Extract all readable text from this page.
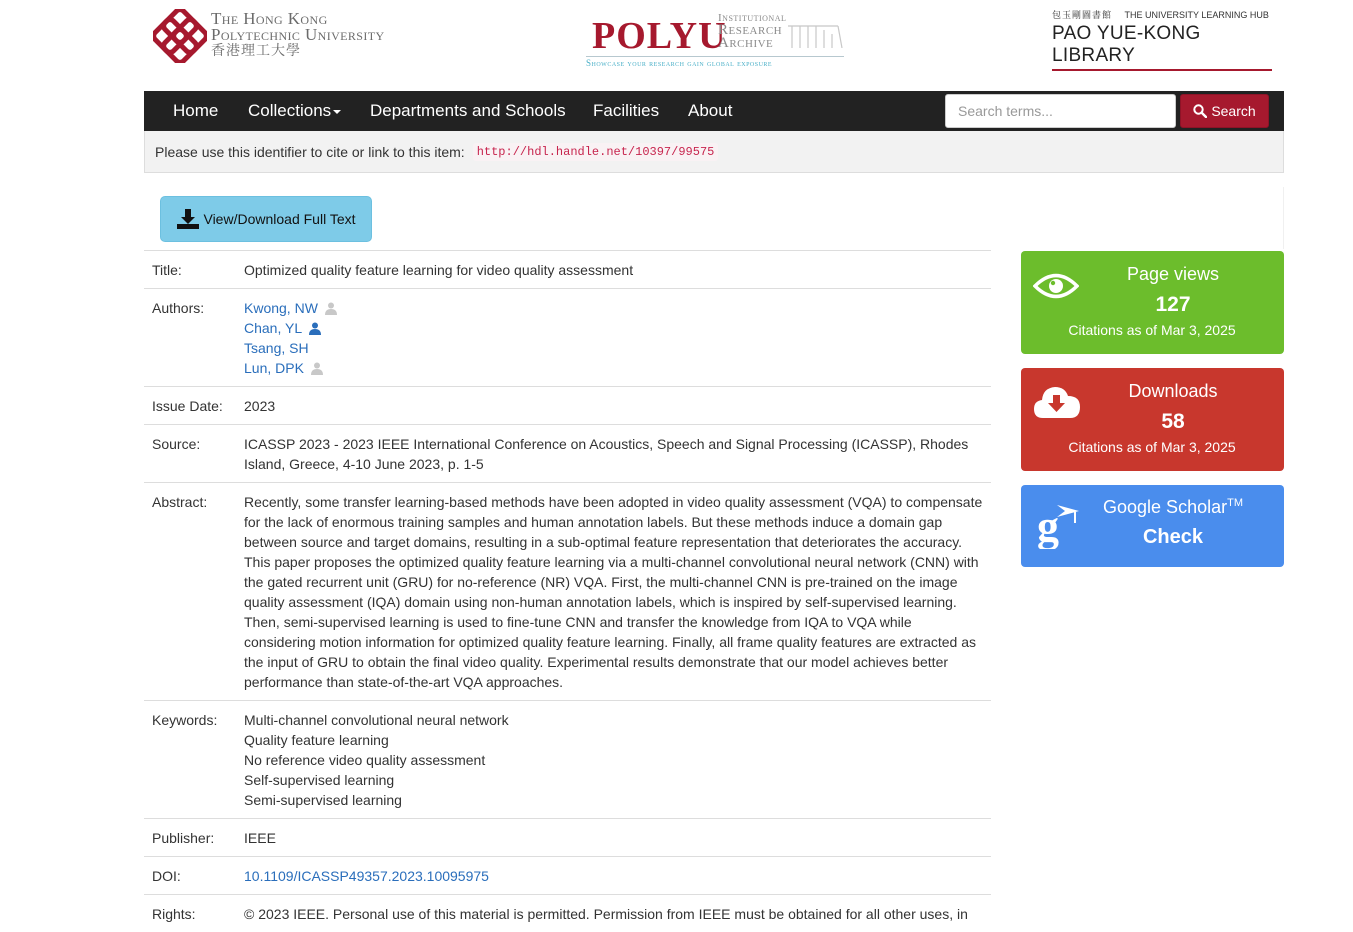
The Hong Kong
Polytechnic University
香港理工大學	POLYU
Institutional
Research
Archive
Showcase your research gain global exposure
包玉剛圖書館 THE UNIVERSITY LEARNING HUB
PAO YUE-KONG LIBRARY
Home Collections	Departments and Schools Facilities About
Search terms...	Search
Please use this identifier to cite or link to this item:	http://hdl.handle.net/10397/99575
View/Download Full Text
Title:	Optimized quality feature learning for video quality assessment
Authors:	Kwong, NW
Chan, YL
Tsang, SH
Lun, DPK
Issue Date:	2023
Source:	ICASSP 2023 - 2023 IEEE International Conference on Acoustics, Speech and Signal Processing (ICASSP), Rhodes Island, Greece, 4-10 June 2023, p. 1-5
Abstract:	Recently, some transfer learning-based methods have been adopted in video quality assessment (VQA) to compensate for the lack of enormous training samples and human annotation labels. But these methods induce a domain gap between source and target domains, resulting in a sub-optimal feature representation that deteriorates the accuracy. This paper proposes the optimized quality feature learning via a multi-channel convolutional neural network (CNN) with the gated recurrent unit (GRU) for no-reference (NR) VQA. First, the multi-channel CNN is pre-trained on the image quality assessment (IQA) domain using non-human annotation labels, which is inspired by self-supervised learning. Then, semi-supervised learning is used to fine-tune CNN and transfer the knowledge from IQA to VQA while considering motion information for optimized quality feature learning. Finally, all frame quality features are extracted as the input of GRU to obtain the final video quality. Experimental results demonstrate that our model achieves better performance than state-of-the-art VQA approaches.
Keywords:	Multi-channel convolutional neural network
Quality feature learning
No reference video quality assessment
Self-supervised learning
Semi-supervised learning
Publisher:	IEEE
DOI:	10.1109/ICASSP49357.2023.10095975
Rights:	© 2023 IEEE. Personal use of this material is permitted. Permission from IEEE must be obtained for all other uses, in
Page views
127
Citations as of Mar 3, 2025
Downloads
58
Citations as of Mar 3, 2025
g	Google Scholar™
Check
